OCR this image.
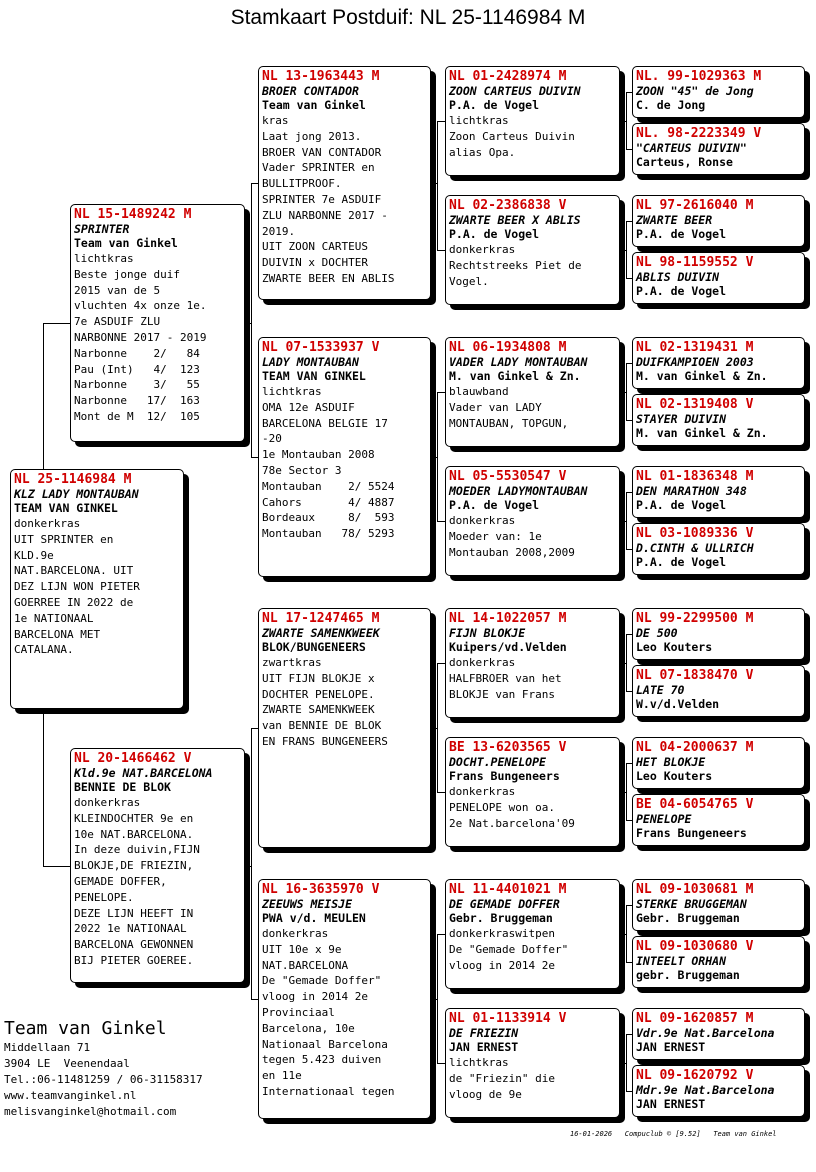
Stamkaart Postduif: NL 25-1146984 M
NL 25-1146984 M
KLZ LADY MONTAUBAN
TEAM VAN GINKEL
donkerkras
UIT SPRINTER en
KLD.9e
NAT.BARCELONA. UIT
DEZ LIJN WON PIETER
GOERREE IN 2022 de
1e NATIONAAL
BARCELONA MET
CATALANA.
NL 15-1489242 M
SPRINTER
Team van Ginkel
lichtkras
Beste jonge duif
2015 van de 5
vluchten 4x onze 1e.
7e ASDUIF ZLU
NARBONNE 2017 - 2019
Narbonne    2/   84
Pau (Int)   4/  123
Narbonne    3/   55
Narbonne   17/  163
Mont de M  12/  105
NL 20-1466462 V
Kld.9e NAT.BARCELONA
BENNIE DE BLOK
donkerkras
KLEINDOCHTER 9e en
10e NAT.BARCELONA.
In deze duivin,FIJN
BLOKJE,DE FRIEZIN,
GEMADE DOFFER,
PENELOPE.
DEZE LIJN HEEFT IN
2022 1e NATIONAAL
BARCELONA GEWONNEN
BIJ PIETER GOEREE.
NL 13-1963443 M
BROER CONTADOR
Team van Ginkel
kras
Laat jong 2013.
BROER VAN CONTADOR
Vader SPRINTER en
BULLITPROOF.
SPRINTER 7e ASDUIF
ZLU NARBONNE 2017 -
2019.
UIT ZOON CARTEUS
DUIVIN x DOCHTER
ZWARTE BEER EN ABLIS
NL 07-1533937 V
LADY MONTAUBAN
TEAM VAN GINKEL
lichtkras
OMA 12e ASDUIF
BARCELONA BELGIE 17
-20
1e Montauban 2008
78e Sector 3
Montauban    2/ 5524
Cahors       4/ 4887
Bordeaux     8/  593
Montauban   78/ 5293
NL 17-1247465 M
ZWARTE SAMENKWEEK
BLOK/BUNGENEERS
zwartkras
UIT FIJN BLOKJE x
DOCHTER PENELOPE.
ZWARTE SAMENKWEEK
van BENNIE DE BLOK
EN FRANS BUNGENEERS
NL 16-3635970 V
ZEEUWS MEISJE
PWA v/d. MEULEN
donkerkras
UIT 10e x 9e
NAT.BARCELONA
De "Gemade Doffer"
vloog in 2014 2e
Provinciaal
Barcelona, 10e
Nationaal Barcelona
tegen 5.423 duiven
en 11e
Internationaal tegen
NL 01-2428974 M
ZOON CARTEUS DUIVIN
P.A. de Vogel
lichtkras
Zoon Carteus Duivin
alias Opa.
NL 02-2386838 V
ZWARTE BEER X ABLIS
P.A. de Vogel
donkerkras
Rechtstreeks Piet de
Vogel.
NL 06-1934808 M
VADER LADY MONTAUBAN
M. van Ginkel & Zn.
blauwband
Vader van LADY
MONTAUBAN, TOPGUN,
NL 05-5530547 V
MOEDER LADYMONTAUBAN
P.A. de Vogel
donkerkras
Moeder van: 1e
Montauban 2008,2009
NL 14-1022057 M
FIJN BLOKJE
Kuipers/vd.Velden
donkerkras
HALFBROER van het
BLOKJE van Frans
BE 13-6203565 V
DOCHT.PENELOPE
Frans Bungeneers
donkerkras
PENELOPE won oa.
2e Nat.barcelona'09
NL 11-4401021 M
DE GEMADE DOFFER
Gebr. Bruggeman
donkerkraswitpen
De "Gemade Doffer"
vloog in 2014 2e
NL 01-1133914 V
DE FRIEZIN
JAN ERNEST
lichtkras
de "Friezin" die
vloog de 9e
NL. 99-1029363 M
ZOON "45" de Jong
C. de Jong
NL. 98-2223349 V
"CARTEUS DUIVIN"
Carteus, Ronse
NL 97-2616040 M
ZWARTE BEER
P.A. de Vogel
NL 98-1159552 V
ABLIS DUIVIN
P.A. de Vogel
NL 02-1319431 M
DUIFKAMPIOEN 2003
M. van Ginkel & Zn.
NL 02-1319408 V
STAYER DUIVIN
M. van Ginkel & Zn.
NL 01-1836348 M
DEN MARATHON 348
P.A. de Vogel
NL 03-1089336 V
D.CINTH & ULLRICH
P.A. de Vogel
NL 99-2299500 M
DE 500
Leo Kouters
NL 07-1838470 V
LATE 70
W.v/d.Velden
NL 04-2000637 M
HET BLOKJE
Leo Kouters
BE 04-6054765 V
PENELOPE
Frans Bungeneers
NL 09-1030681 M
STERKE BRUGGEMAN
Gebr. Bruggeman
NL 09-1030680 V
INTEELT ORHAN
gebr. Bruggeman
NL 09-1620857 M
Vdr.9e Nat.Barcelona
JAN ERNEST
NL 09-1620792 V
Mdr.9e Nat.Barcelona
JAN ERNEST
Team van Ginkel
Middellaan 71
3904 LE  Veenendaal
Tel.:06-11481259 / 06-31158317
www.teamvanginkel.nl
melisvanginkel@hotmail.com
16-01-2026   Compuclub © [9.52]   Team van Ginkel
